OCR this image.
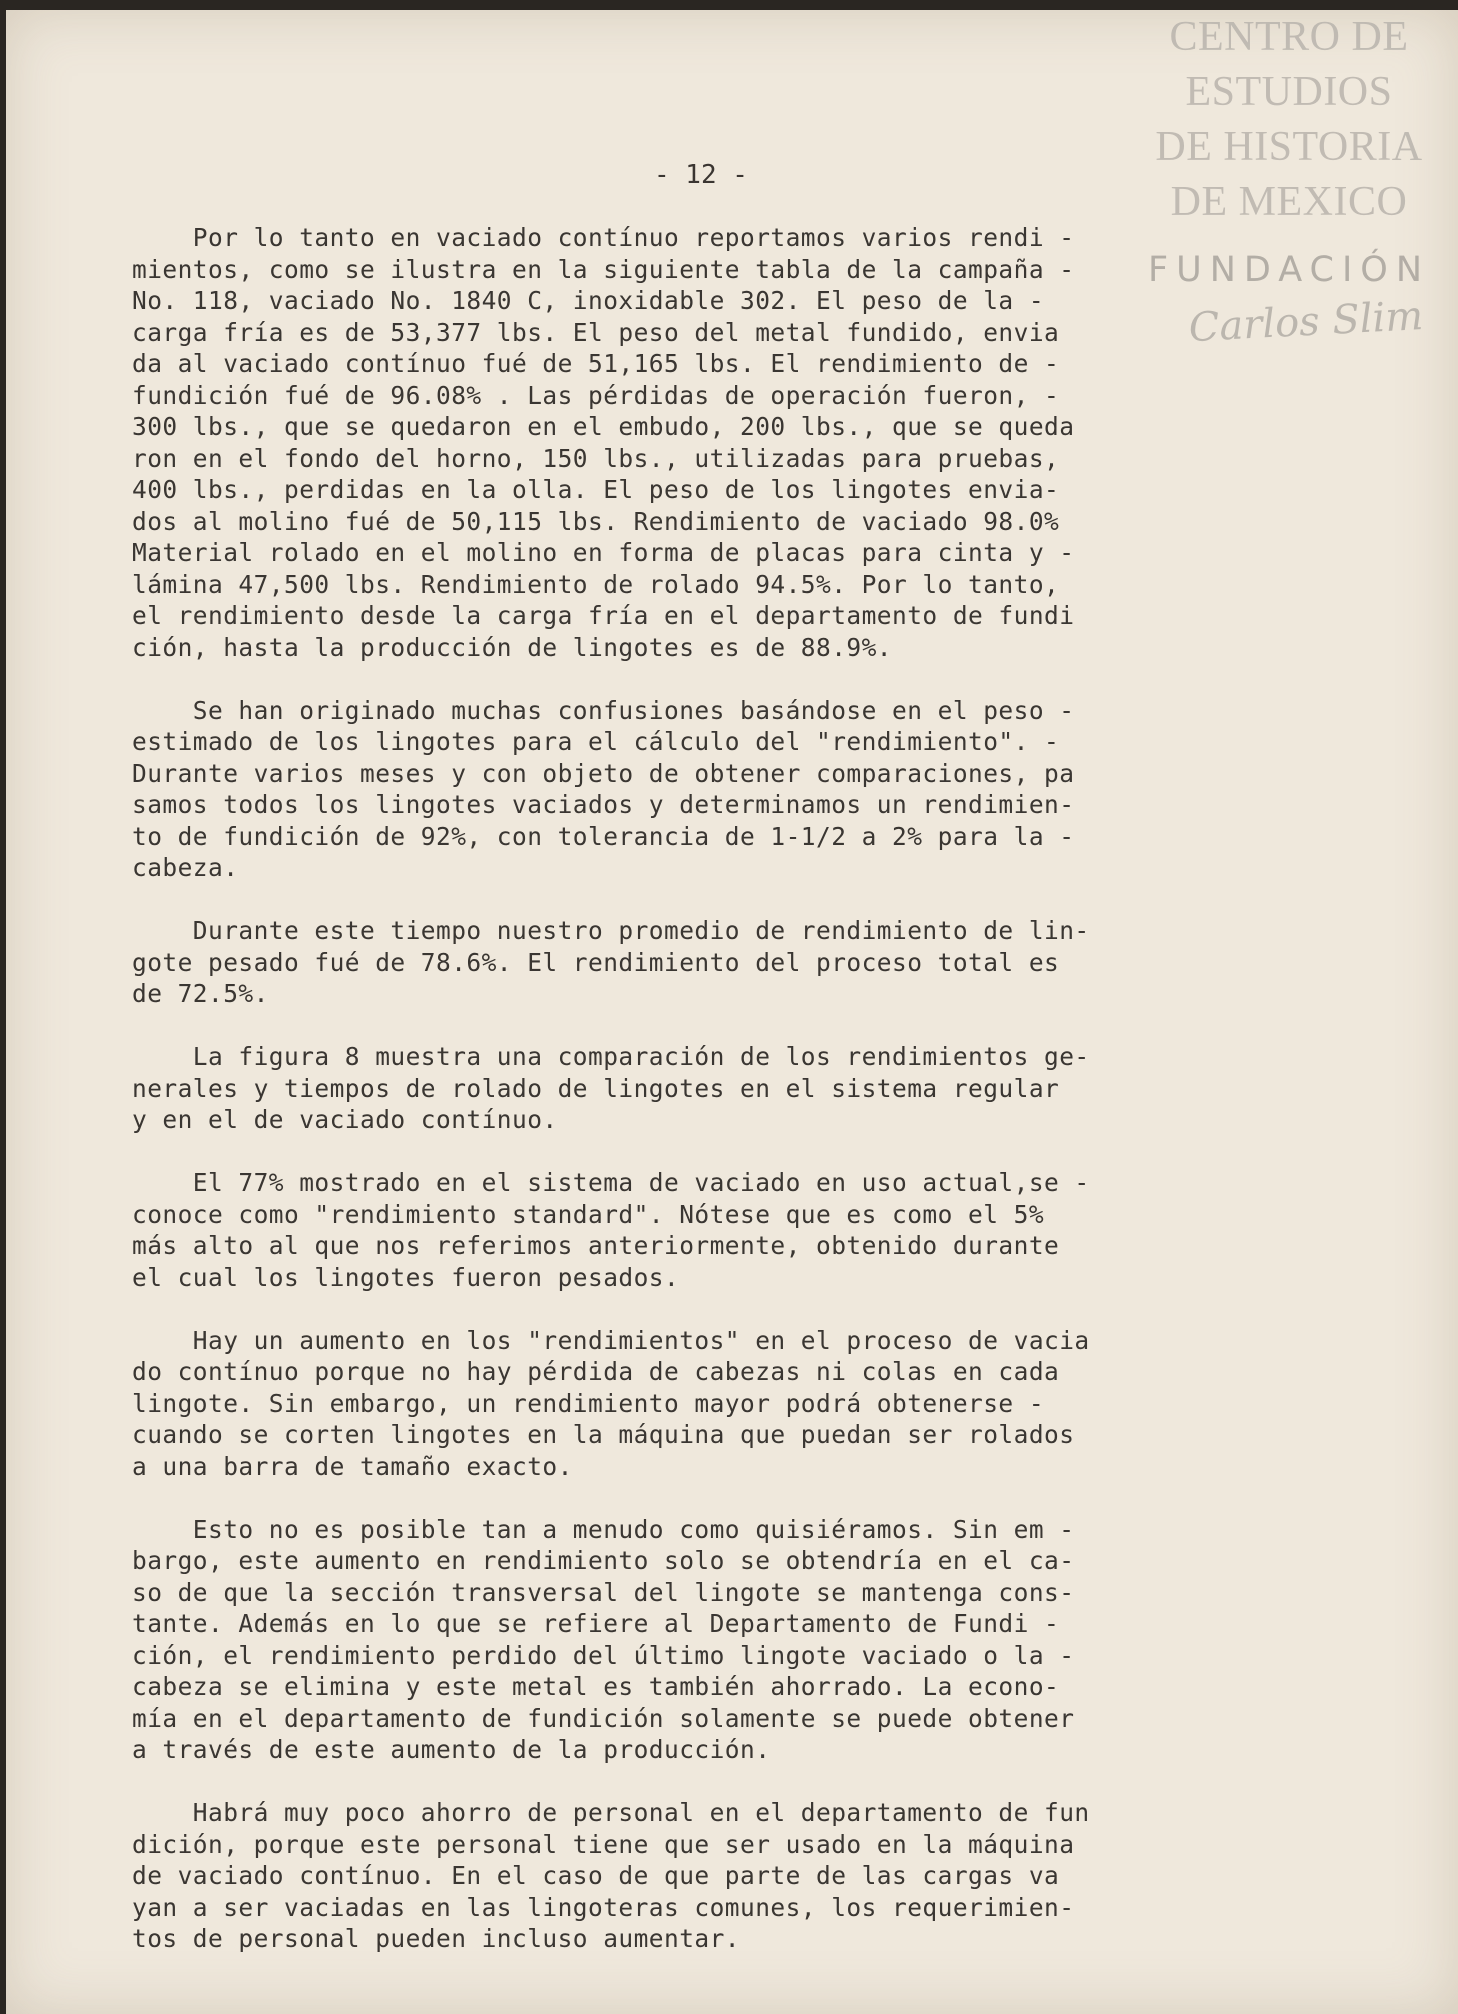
CENTRO DE
ESTUDIOS
DE HISTORIA
DE MEXICO
FUNDACIÓN
Carlos Slim
- 12 -
Por lo tanto en vaciado contínuo reportamos varios rendi -
mientos, como se ilustra en la siguiente tabla de la campaña -
No. 118, vaciado No. 1840 C, inoxidable 302. El peso de la -
carga fría es de 53,377 lbs. El peso del metal fundido, envia
da al vaciado contínuo fué de 51,165 lbs. El rendimiento de -
fundición fué de 96.08% . Las pérdidas de operación fueron, -
300 lbs., que se quedaron en el embudo, 200 lbs., que se queda
ron en el fondo del horno, 150 lbs., utilizadas para pruebas,
400 lbs., perdidas en la olla. El peso de los lingotes envia-
dos al molino fué de 50,115 lbs. Rendimiento de vaciado 98.0%
Material rolado en el molino en forma de placas para cinta y -
lámina 47,500 lbs. Rendimiento de rolado 94.5%. Por lo tanto,
el rendimiento desde la carga fría en el departamento de fundi
ción, hasta la producción de lingotes es de 88.9%.
Se han originado muchas confusiones basándose en el peso -
estimado de los lingotes para el cálculo del "rendimiento". -
Durante varios meses y con objeto de obtener comparaciones, pa
samos todos los lingotes vaciados y determinamos un rendimien-
to de fundición de 92%, con tolerancia de 1-1/2 a 2% para la -
cabeza.
Durante este tiempo nuestro promedio de rendimiento de lin-
gote pesado fué de 78.6%. El rendimiento del proceso total es
de 72.5%.
La figura 8 muestra una comparación de los rendimientos ge-
nerales y tiempos de rolado de lingotes en el sistema regular
y en el de vaciado contínuo.
El 77% mostrado en el sistema de vaciado en uso actual,se -
conoce como "rendimiento standard". Nótese que es como el 5%
más alto al que nos referimos anteriormente, obtenido durante
el cual los lingotes fueron pesados.
Hay un aumento en los "rendimientos" en el proceso de vacia
do contínuo porque no hay pérdida de cabezas ni colas en cada
lingote. Sin embargo, un rendimiento mayor podrá obtenerse -
cuando se corten lingotes en la máquina que puedan ser rolados
a una barra de tamaño exacto.
Esto no es posible tan a menudo como quisiéramos. Sin em -
bargo, este aumento en rendimiento solo se obtendría en el ca-
so de que la sección transversal del lingote se mantenga cons-
tante. Además en lo que se refiere al Departamento de Fundi -
ción, el rendimiento perdido del último lingote vaciado o la -
cabeza se elimina y este metal es también ahorrado. La econo-
mía en el departamento de fundición solamente se puede obtener
a través de este aumento de la producción.
Habrá muy poco ahorro de personal en el departamento de fun
dición, porque este personal tiene que ser usado en la máquina
de vaciado contínuo. En el caso de que parte de las cargas va
yan a ser vaciadas en las lingoteras comunes, los requerimien-
tos de personal pueden incluso aumentar.
